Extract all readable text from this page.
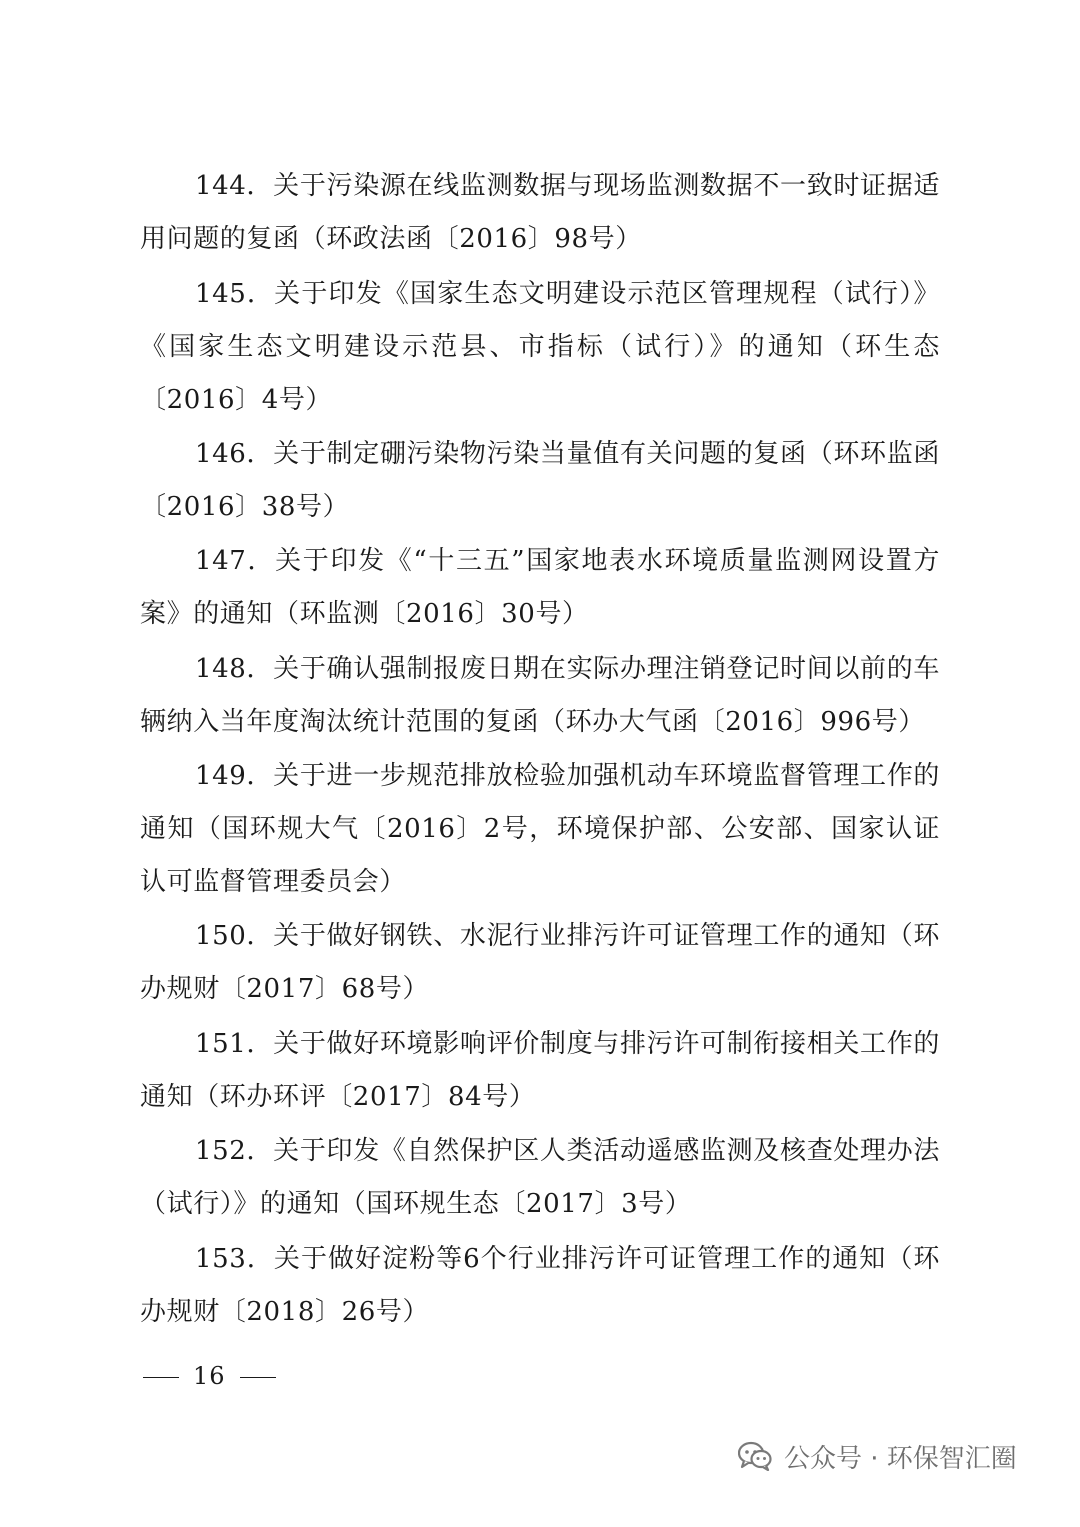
144．关于污染源在线监测数据与现场监测数据不一致时证据适用问题的复函（环政法函〔2016〕98号）

145．关于印发《国家生态文明建设示范区管理规程（试行）》《国家生态文明建设示范县、市指标（试行）》的通知（环生态〔2016〕4号）

146．关于制定硼污染物污染当量值有关问题的复函（环环监函〔2016〕38号）

147．关于印发《“十三五”国家地表水环境质量监测网设置方案》的通知（环监测〔2016〕30号）

148．关于确认强制报废日期在实际办理注销登记时间以前的车辆纳入当年度淘汰统计范围的复函（环办大气函〔2016〕996号）

149．关于进一步规范排放检验加强机动车环境监督管理工作的通知（国环规大气〔2016〕2号，环境保护部、公安部、国家认证认可监督管理委员会）

150．关于做好钢铁、水泥行业排污许可证管理工作的通知（环办规财〔2017〕68号）

151．关于做好环境影响评价制度与排污许可制衔接相关工作的通知（环办环评〔2017〕84号）

152．关于印发《自然保护区人类活动遥感监测及核查处理办法（试行）》的通知（国环规生态〔2017〕3号）

153．关于做好淀粉等6个行业排污许可证管理工作的通知（环办规财〔2018〕26号）

16
公众号 · 环保智汇圈
